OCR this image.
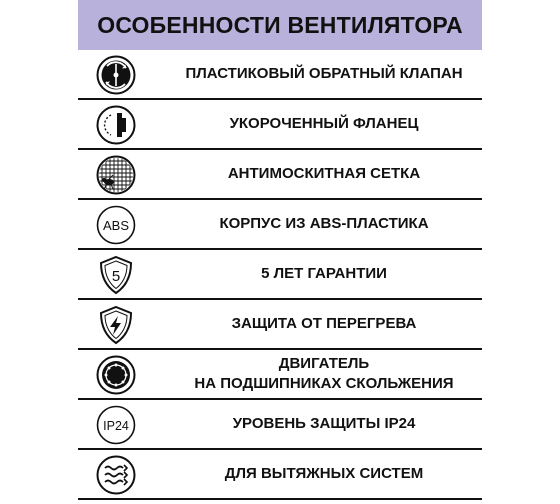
ОСОБЕННОСТИ ВЕНТИЛЯТОРА
ПЛАСТИКОВЫЙ ОБРАТНЫЙ КЛАПАН
УКОРОЧЕННЫЙ ФЛАНЕЦ
АНТИМОСКИТНАЯ СЕТКА
ABS	КОРПУС ИЗ ABS-ПЛАСТИКА
5	5 ЛЕТ ГАРАНТИИ
ЗАЩИТА ОТ ПЕРЕГРЕВА
ДВИГАТЕЛЬ
НА ПОДШИПНИКАХ СКОЛЬЖЕНИЯ
IP24	УРОВЕНЬ ЗАЩИТЫ IP24
ДЛЯ ВЫТЯЖНЫХ СИСТЕМ
